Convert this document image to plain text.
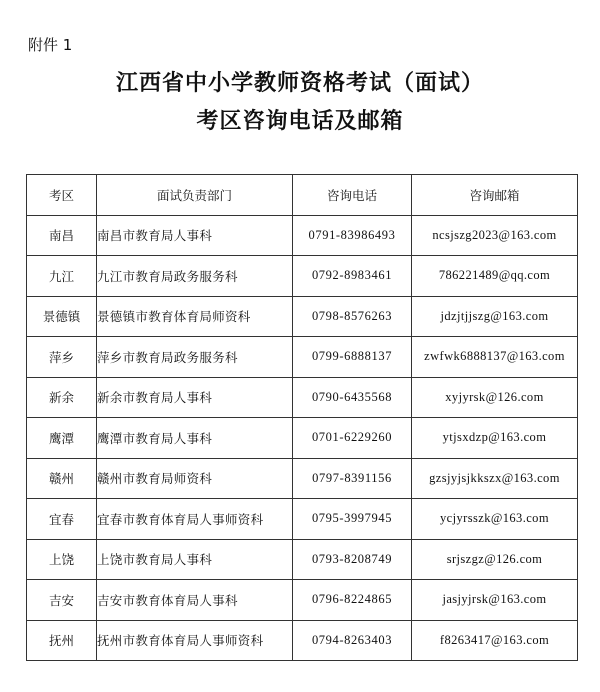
附件 1
江西省中小学教师资格考试（面试）
考区咨询电话及邮箱
考区	面试负责部门	咨询电话	咨询邮箱
南昌	南昌市教育局人事科	0791-83986493	ncsjszg2023@163.com
九江	九江市教育局政务服务科	0792-8983461	786221489@qq.com
景德镇	景德镇市教育体育局师资科	0798-8576263	jdzjtjjszg@163.com
萍乡	萍乡市教育局政务服务科	0799-6888137	zwfwk6888137@163.com
新余	新余市教育局人事科	0790-6435568	xyjyrsk@126.com
鹰潭	鹰潭市教育局人事科	0701-6229260	ytjsxdzp@163.com
赣州	赣州市教育局师资科	0797-8391156	gzsjyjsjkkszx@163.com
宜春	宜春市教育体育局人事师资科	0795-3997945	ycjyrsszk@163.com
上饶	上饶市教育局人事科	0793-8208749	srjszgz@126.com
吉安	吉安市教育体育局人事科	0796-8224865	jasjyjrsk@163.com
抚州	抚州市教育体育局人事师资科	0794-8263403	f8263417@163.com
